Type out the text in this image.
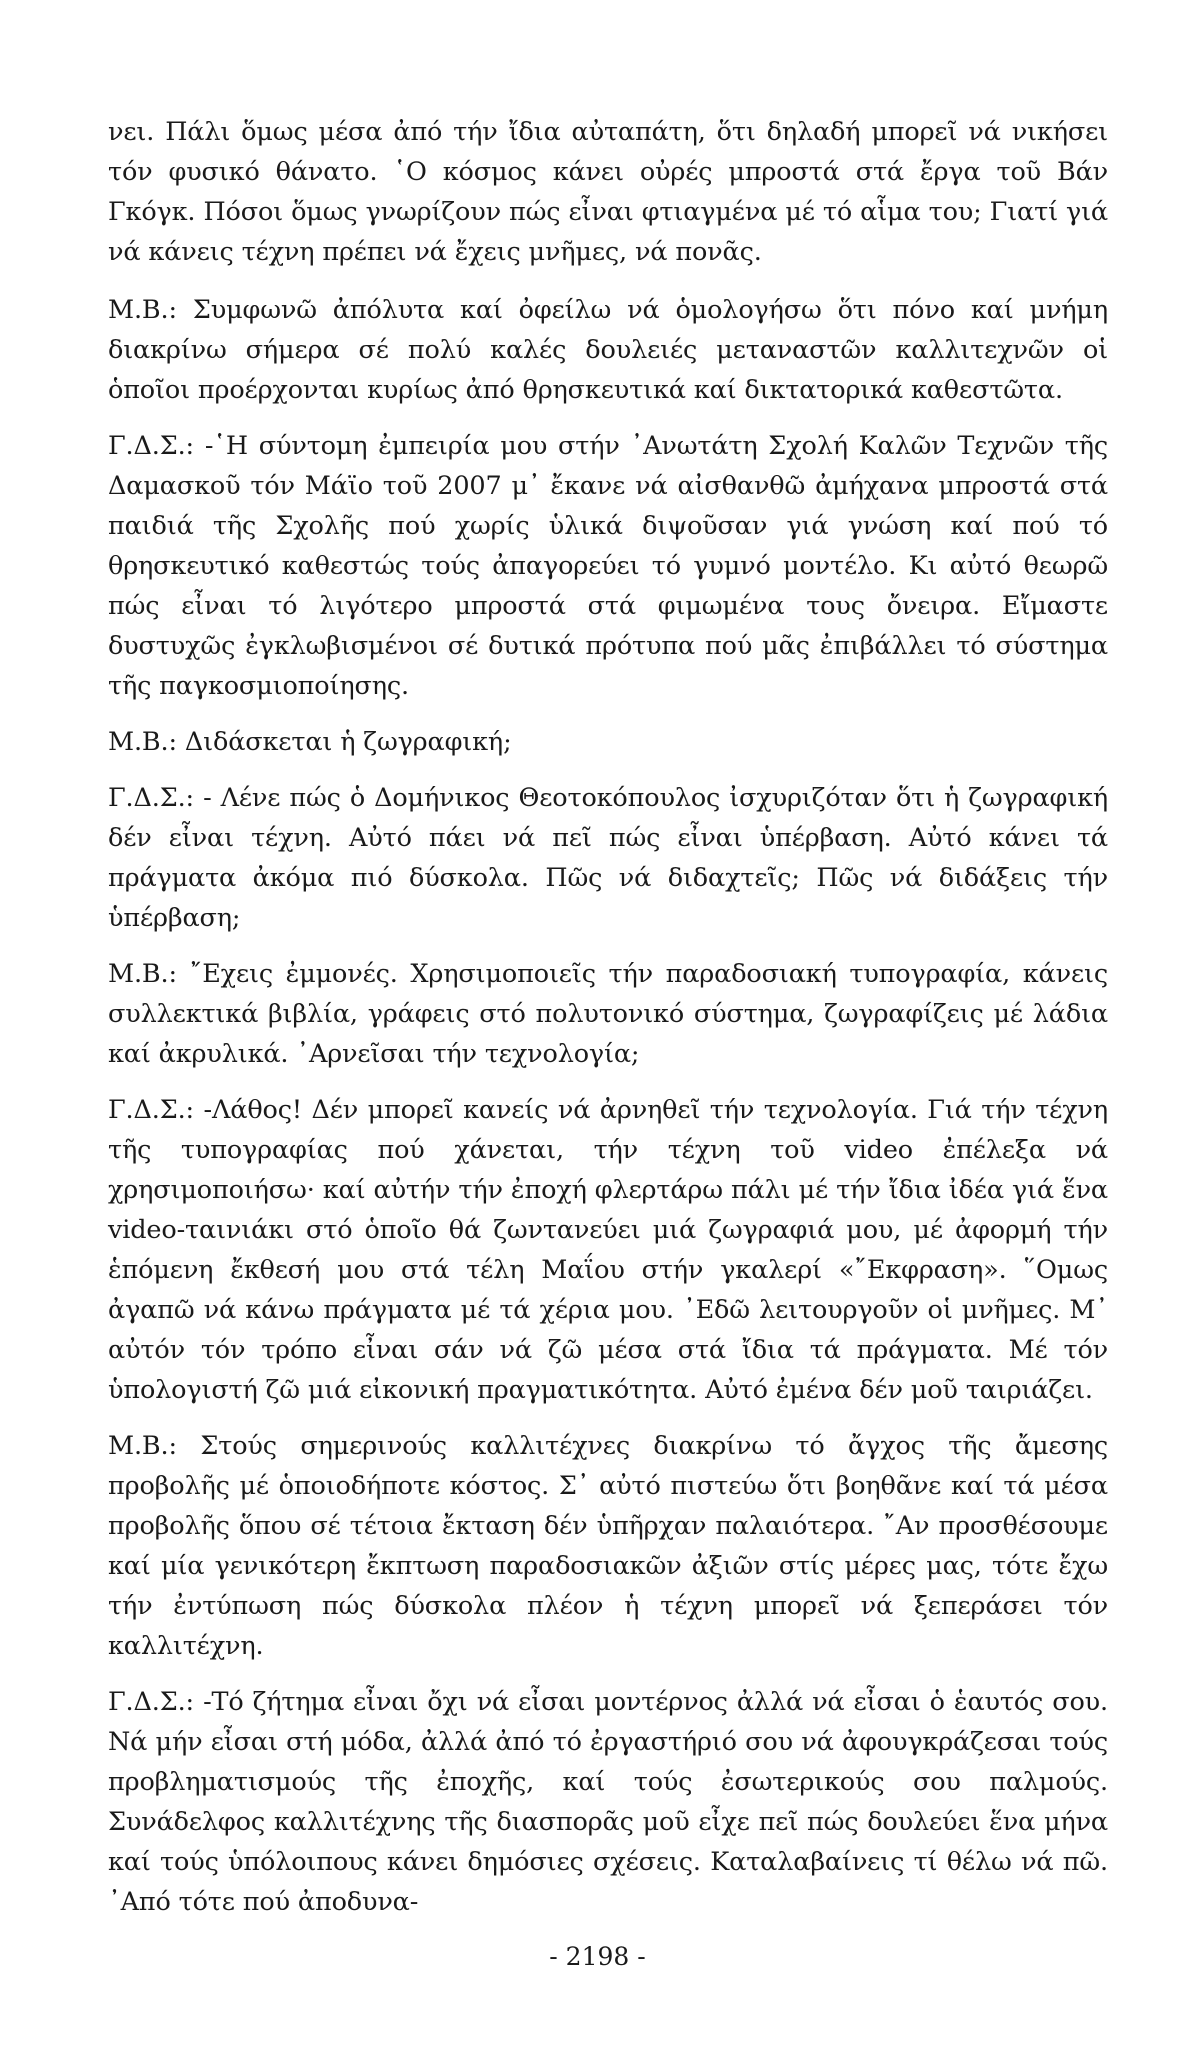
νει. Πάλι ὅμως μέσα ἀπό τήν ἴδια αὐταπάτη, ὅτι δηλαδή μπορεῖ νά νικήσει τόν φυσικό θάνατο. ῾Ο κόσμος κάνει οὐρές μπροστά στά ἔργα τοῦ Βάν Γκόγκ. Πόσοι ὅμως γνωρίζουν πώς εἶναι φτιαγμένα μέ τό αἷμα του; Γιατί γιά νά κάνεις τέχνη πρέπει νά ἔχεις μνῆμες, νά πονᾶς.

Μ.Β.: Συμφωνῶ ἀπόλυτα καί ὀφείλω νά ὁμολογήσω ὅτι πόνο καί μνήμη διακρίνω σήμερα σέ πολύ καλές δουλειές μεταναστῶν καλλιτεχνῶν οἱ ὁποῖοι προέρχονται κυρίως ἀπό θρησκευτικά καί δικτατορικά καθεστῶτα.

Γ.Δ.Σ.: -῾Η σύντομη ἐμπειρία μου στήν ᾿Ανωτάτη Σχολή Καλῶν Τεχνῶν τῆς Δαμασκοῦ τόν Μάϊο τοῦ 2007 μ᾿ ἔκανε νά αἰσθανθῶ ἀμήχανα μπροστά στά παιδιά τῆς Σχολῆς πού χωρίς ὑλικά διψοῦσαν γιά γνώση καί πού τό θρησκευτικό καθεστώς τούς ἀπαγορεύει τό γυμνό μοντέλο. Κι αὐτό θεωρῶ πώς εἶναι τό λιγότερο μπροστά στά φιμωμένα τους ὄνειρα. Εἴμαστε δυστυχῶς ἐγκλωβισμένοι σέ δυτικά πρότυπα πού μᾶς ἐπιβάλλει τό σύστημα τῆς παγκοσμιοποίησης.

Μ.Β.: Διδάσκεται ἡ ζωγραφική;

Γ.Δ.Σ.: - Λένε πώς ὁ Δομήνικος Θεοτοκόπουλος ἰσχυριζόταν ὅτι ἡ ζωγραφική δέν εἶναι τέχνη. Αὐτό πάει νά πεῖ πώς εἶναι ὑπέρβαση. Αὐτό κάνει τά πράγματα ἀκόμα πιό δύσκολα. Πῶς νά διδαχτεῖς; Πῶς νά διδάξεις τήν ὑπέρβαση;

Μ.Β.: ῎Εχεις ἐμμονές. Χρησιμοποιεῖς τήν παραδοσιακή τυπογραφία, κάνεις συλλεκτικά βιβλία, γράφεις στό πολυτονικό σύστημα, ζωγραφίζεις μέ λάδια καί ἀκρυλικά. ᾿Αρνεῖσαι τήν τεχνολογία;

Γ.Δ.Σ.: -Λάθος! Δέν μπορεῖ κανείς νά ἀρνηθεῖ τήν τεχνολογία. Γιά τήν τέχνη τῆς τυπογραφίας πού χάνεται, τήν τέχνη τοῦ video ἐπέλεξα νά χρησιμοποιήσω· καί αὐτήν τήν ἐποχή φλερτάρω πάλι μέ τήν ἴδια ἰδέα γιά ἕνα video-ταινιάκι στό ὁποῖο θά ζωντανεύει μιά ζωγραφιά μου, μέ ἀφορμή τήν ἑπόμενη ἔκθεσή μου στά τέλη Μαΐου στήν γκαλερί «῎Εκφραση». ῞Ομως ἀγαπῶ νά κάνω πράγματα μέ τά χέρια μου. ᾿Εδῶ λειτουργοῦν οἱ μνῆμες. Μ᾿ αὐτόν τόν τρόπο εἶναι σάν νά ζῶ μέσα στά ἴδια τά πράγματα. Μέ τόν ὑπολογιστή ζῶ μιά εἰκονική πραγματικότητα. Αὐτό ἐμένα δέν μοῦ ταιριάζει.

Μ.Β.: Στούς σημερινούς καλλιτέχνες διακρίνω τό ἄγχος τῆς ἄμεσης προβολῆς μέ ὁποιοδήποτε κόστος. Σ᾿ αὐτό πιστεύω ὅτι βοηθᾶνε καί τά μέσα προβολῆς ὅπου σέ τέτοια ἔκταση δέν ὑπῆρχαν παλαιότερα. ῎Αν προσθέσουμε καί μία γενικότερη ἔκπτωση παραδοσιακῶν ἀξιῶν στίς μέρες μας, τότε ἔχω τήν ἐντύπωση πώς δύσκολα πλέον ἡ τέχνη μπορεῖ νά ξεπεράσει τόν καλλιτέχνη.

Γ.Δ.Σ.: -Τό ζήτημα εἶναι ὄχι νά εἶσαι μοντέρνος ἀλλά νά εἶσαι ὁ ἑαυτός σου. Νά μήν εἶσαι στή μόδα, ἀλλά ἀπό τό ἐργαστήριό σου νά ἀφουγκράζεσαι τούς προβληματισμούς τῆς ἐποχῆς, καί τούς ἐσωτερικούς σου παλμούς. Συνάδελφος καλλιτέχνης τῆς διασπορᾶς μοῦ εἶχε πεῖ πώς δουλεύει ἕνα μήνα καί τούς ὑπόλοιπους κάνει δημόσιες σχέσεις. Καταλαβαίνεις τί θέλω νά πῶ. ᾿Από τότε πού ἀποδυνα-

- 2198 -
